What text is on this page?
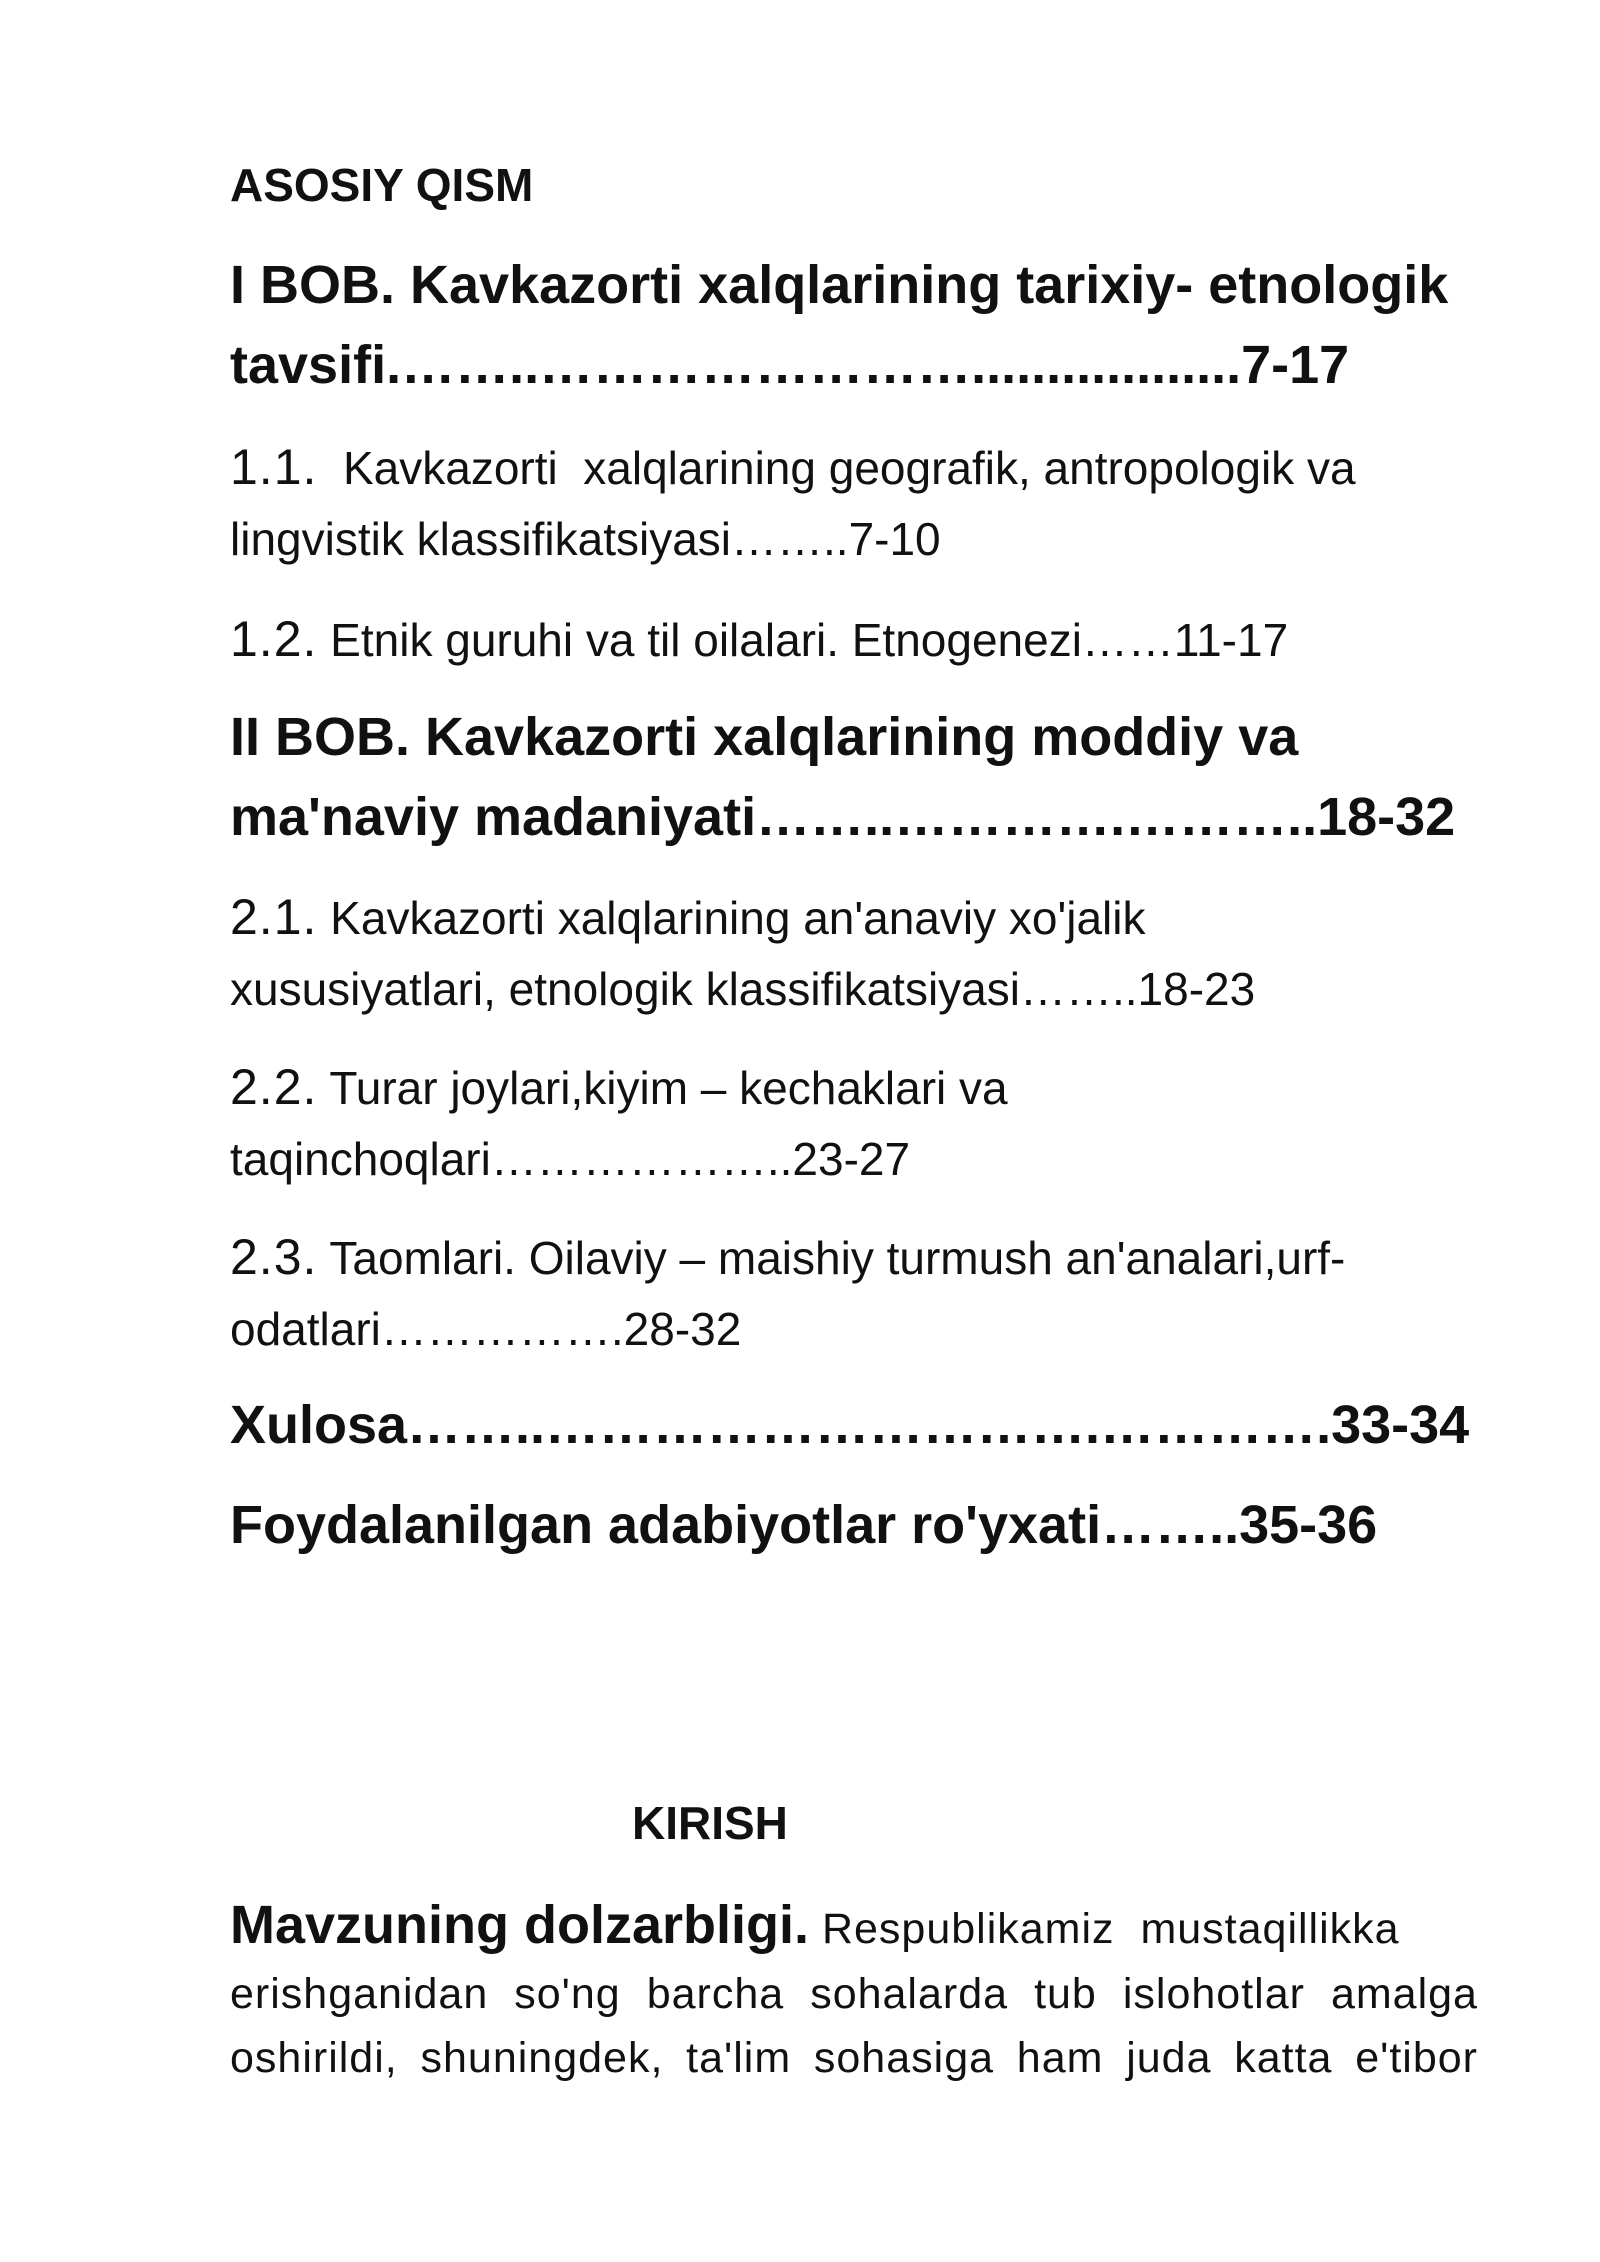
ASOSIY QISM

I BOB. Kavkazorti xalqlarining tarixiy- etnologik

tavsifi.……..……………………..................7-17

1.1.  Kavkazorti  xalqlarining geografik, antropologik va

lingvistik klassifikatsiyasi……..7-10

1.2. Etnik guruhi va til oilalari. Etnogenezi……11-17

II BOB. Kavkazorti xalqlarining moddiy va

ma'naviy madaniyati……..………….………..18-32

2.1. Kavkazorti xalqlarining an'anaviy xo'jalik

xususiyatlari, etnologik klassifikatsiyasi……..18-23

2.2. Turar joylari,kiyim – kechaklari va

taqinchoqlari………………..23-27

2.3. Taomlari. Oilaviy – maishiy turmush an'analari,urf-

odatlari…………….28-32

Xulosa……..………………………….………….33-34

Foydalanilgan adabiyotlar ro'yxati……..35-36

KIRISH

Mavzuning dolzarbligi. Respublikamiz  mustaqillikka

erishganidan so'ng barcha sohalarda tub islohotlar amalga
oshirildi, shuningdek, ta'lim sohasiga ham juda katta e'tibor
